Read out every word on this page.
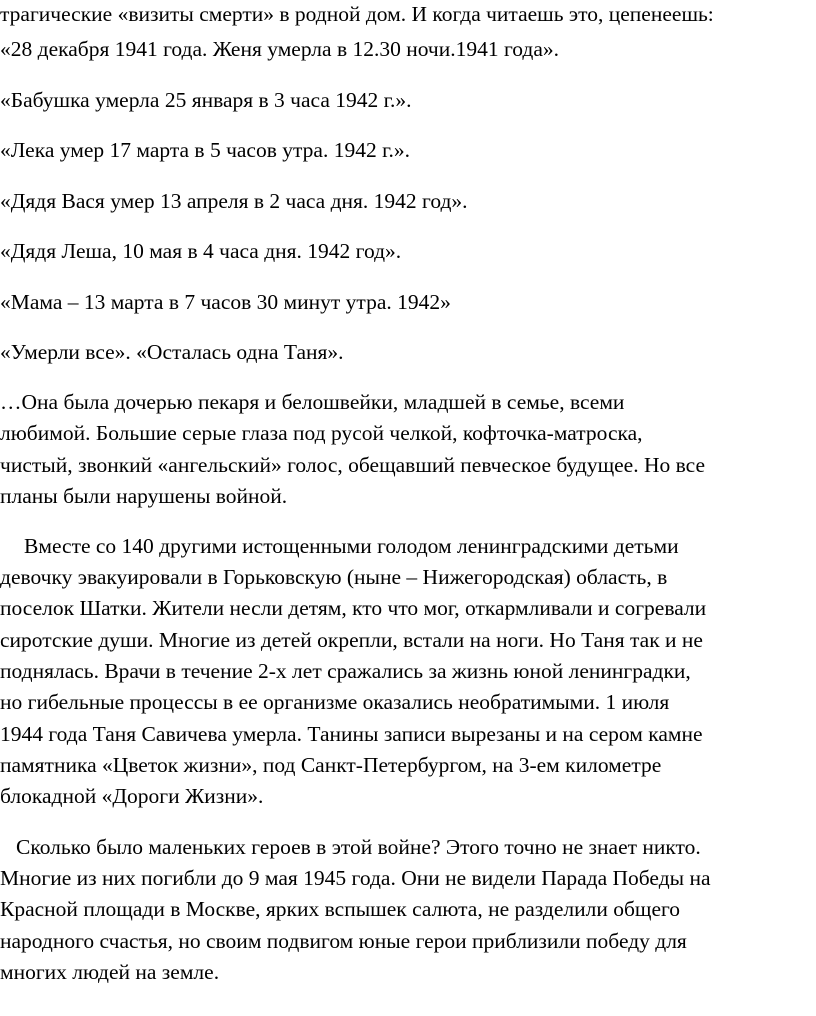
трагические «визиты смерти» в родной дом. И когда читаешь это, цепенеешь:
«28 декабря 1941 года. Женя умерла в 12.30 ночи.1941 года».
«Бабушка умерла 25 января в 3 часа 1942 г.».
«Лека умер 17 марта в 5 часов утра. 1942 г.».
«Дядя Вася умер 13 апреля в 2 часа дня. 1942 год».
«Дядя Леша, 10 мая в 4 часа дня. 1942 год».
«Мама – 13 марта в 7 часов 30 минут утра. 1942»
«Умерли все». «Осталась одна Таня».
…Она была дочерью пекаря и белошвейки, младшей в семье, всеми
любимой. Большие серые глаза под русой челкой, кофточка-матроска,
чистый, звонкий «ангельский» голос, обещавший певческое будущее. Но все
планы были нарушены войной.
Вместе со 140 другими истощенными голодом ленинградскими детьми
девочку эвакуировали в Горьковскую (ныне – Нижегородская) область, в
поселок Шатки. Жители несли детям, кто что мог, откармливали и согревали
сиротские души. Многие из детей окрепли, встали на ноги. Но Таня так и не
поднялась. Врачи в течение 2-х лет сражались за жизнь юной ленинградки,
но гибельные процессы в ее организме оказались необратимыми. 1 июля
1944 года Таня Савичева умерла. Танины записи вырезаны и на сером камне
памятника «Цветок жизни», под Санкт-Петербургом, на 3-ем километре
блокадной «Дороги Жизни».
Сколько было маленьких героев в этой войне? Этого точно не знает никто.
Многие из них погибли до 9 мая 1945 года. Они не видели Парада Победы на
Красной площади в Москве, ярких вспышек салюта, не разделили общего
народного счастья, но своим подвигом юные герои приблизили победу для
многих людей на земле.
